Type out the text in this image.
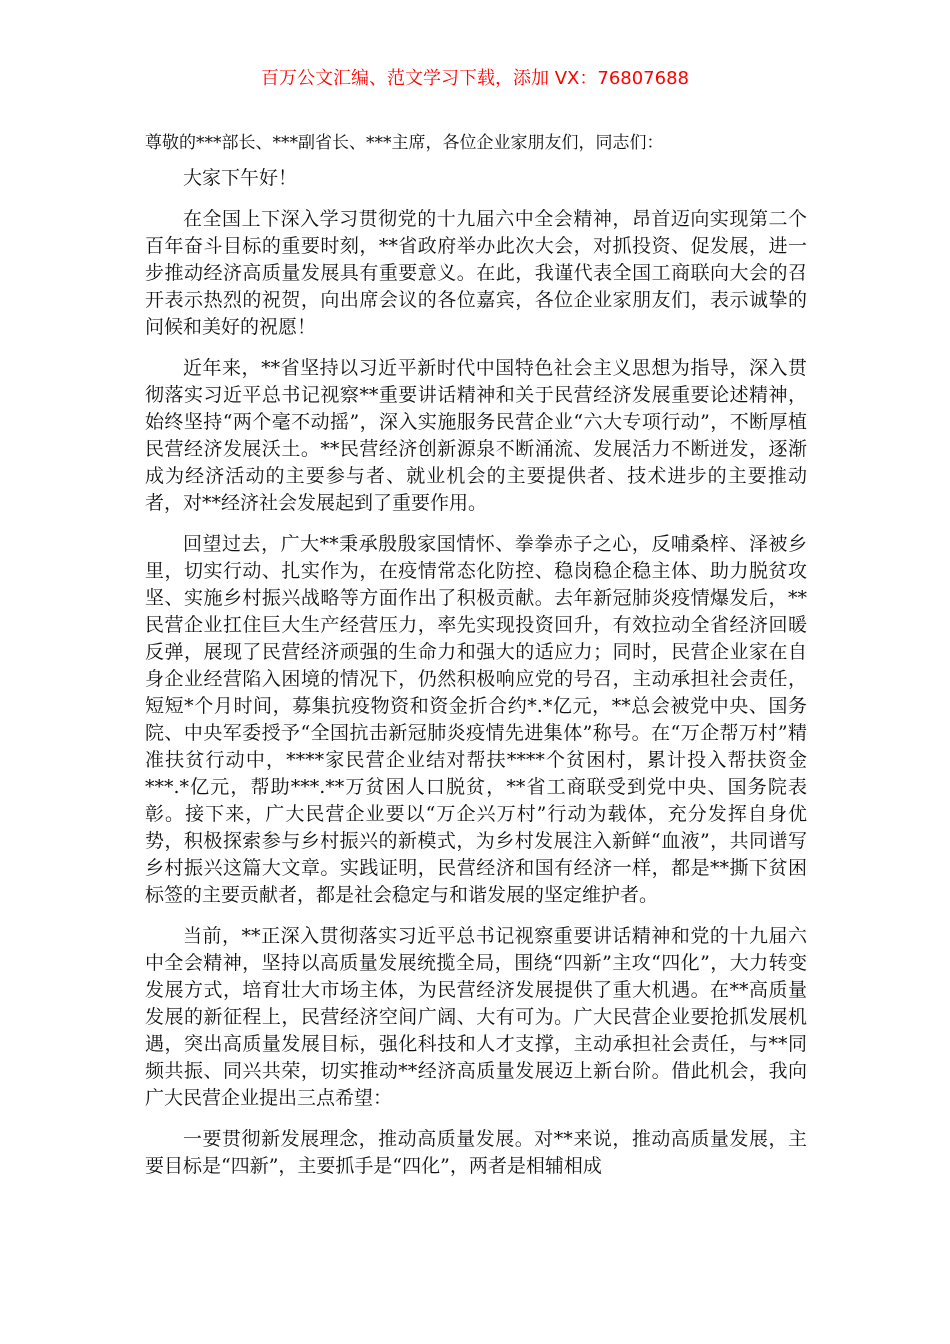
百万公文汇编、范文学习下载，添加 VX：76807688

尊敬的***部长、***副省长、***主席，各位企业家朋友们，同志们：

大家下午好！

在全国上下深入学习贯彻党的十九届六中全会精神，昂首迈向实现第二个百年奋斗目标的重要时刻，**省政府举办此次大会，对抓投资、促发展，进一步推动经济高质量发展具有重要意义。在此，我谨代表全国工商联向大会的召开表示热烈的祝贺，向出席会议的各位嘉宾，各位企业家朋友们，表示诚挚的问候和美好的祝愿！

近年来，**省坚持以习近平新时代中国特色社会主义思想为指导，深入贯彻落实习近平总书记视察**重要讲话精神和关于民营经济发展重要论述精神，始终坚持“两个毫不动摇”，深入实施服务民营企业“六大专项行动”，不断厚植民营经济发展沃土。**民营经济创新源泉不断涌流、发展活力不断迸发，逐渐成为经济活动的主要参与者、就业机会的主要提供者、技术进步的主要推动者，对**经济社会发展起到了重要作用。

回望过去，广大**秉承殷殷家国情怀、拳拳赤子之心，反哺桑梓、泽被乡里，切实行动、扎实作为，在疫情常态化防控、稳岗稳企稳主体、助力脱贫攻坚、实施乡村振兴战略等方面作出了积极贡献。去年新冠肺炎疫情爆发后，**民营企业扛住巨大生产经营压力，率先实现投资回升，有效拉动全省经济回暖反弹，展现了民营经济顽强的生命力和强大的适应力；同时，民营企业家在自身企业经营陷入困境的情况下，仍然积极响应党的号召，主动承担社会责任，短短*个月时间，募集抗疫物资和资金折合约*.*亿元，**总会被党中央、国务院、中央军委授予“全国抗击新冠肺炎疫情先进集体”称号。在“万企帮万村”精准扶贫行动中，****家民营企业结对帮扶****个贫困村，累计投入帮扶资金***.*亿元，帮助***.**万贫困人口脱贫，**省工商联受到党中央、国务院表彰。接下来，广大民营企业要以“万企兴万村”行动为载体，充分发挥自身优势，积极探索参与乡村振兴的新模式，为乡村发展注入新鲜“血液”，共同谱写乡村振兴这篇大文章。实践证明，民营经济和国有经济一样，都是**撕下贫困标签的主要贡献者，都是社会稳定与和谐发展的坚定维护者。

当前，**正深入贯彻落实习近平总书记视察重要讲话精神和党的十九届六中全会精神，坚持以高质量发展统揽全局，围绕“四新”主攻“四化”，大力转变发展方式，培育壮大市场主体，为民营经济发展提供了重大机遇。在**高质量发展的新征程上，民营经济空间广阔、大有可为。广大民营企业要抢抓发展机遇，突出高质量发展目标，强化科技和人才支撑，主动承担社会责任，与**同频共振、同兴共荣，切实推动**经济高质量发展迈上新台阶。借此机会，我向广大民营企业提出三点希望：

一要贯彻新发展理念，推动高质量发展。对**来说，推动高质量发展，主要目标是“四新”，主要抓手是“四化”，两者是相辅相成
